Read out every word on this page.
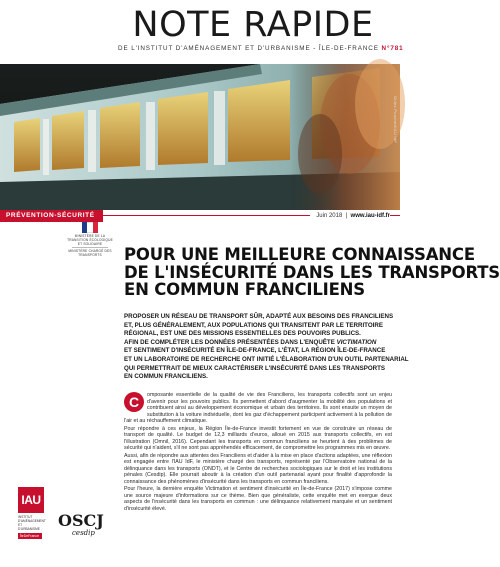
NOTE RAPIDE
DE L'INSTITUT D'AMÉNAGEMENT ET D'URBANISME - ÎLE-DE-FRANCE N°781
Gilles Pouchet/IAU îdF
PRÉVENTION-SÉCURITÉ	Juin 2018  |  www.iau-idf.fr
MINISTÈRE DE LA TRANSITION ÉCOLOGIQUE ET SOLIDAIRE
MINISTÈRE CHARGÉ DES TRANSPORTS
IAU
INSTITUT D'AMÉNAGEMENT ET D'URBANISME
ÎleDeFrance
OSCJ
cesdip
POUR UNE MEILLEURE CONNAISSANCE
DE L'INSÉCURITÉ DANS LES TRANSPORTS
EN COMMUN FRANCILIENS
PROPOSER UN RÉSEAU DE TRANSPORT SÛR, ADAPTÉ AUX BESOINS DES FRANCILIENS
ET, PLUS GÉNÉRALEMENT, AUX POPULATIONS QUI TRANSITENT PAR LE TERRITOIRE
RÉGIONAL, EST UNE DES MISSIONS ESSENTIELLES DES POUVOIRS PUBLICS.
AFIN DE COMPLÉTER LES DONNÉES PRÉSENTÉES DANS L'ENQUÊTE VICTIMATION
ET SENTIMENT D'INSÉCURITÉ EN ÎLE-DE-FRANCE, L'ÉTAT, LA RÉGION ÎLE-DE-FRANCE
ET UN LABORATOIRE DE RECHERCHE ONT INITIÉ L'ÉLABORATION D'UN OUTIL PARTENARIAL
QUI PERMETTRAIT DE MIEUX CARACTÉRISER L'INSÉCURITÉ DANS LES TRANSPORTS
EN COMMUN FRANCILIENS.
C	omposante essentielle de la qualité de vie des Franciliens, les transports collectifs sont un enjeu d'avenir pour les pouvoirs publics. Ils permettent d'abord d'augmenter la mobilité des populations et contribuent ainsi au développement économique et urbain des territoires. Ils sont ensuite un moyen de substitution à la voiture individuelle, dont les gaz d'échappement participent activement à la pollution de l'air et au réchauffement climatique.

Pour répondre à ces enjeux, la Région Île-de-France investit fortement en vue de construire un réseau de transport de qualité. Le budget de 12,3 milliards d'euros, alloué en 2015 aux transports collectifs, en est l'illustration (Omnil, 2016). Cependant les transports en commun franciliens se heurtent à des problèmes de sécurité qui n'aident, s'il ne sont pas appréhendés efficacement, de compromettre les programmes mis en œuvre.

Aussi, afin de répondre aux attentes des Franciliens et d'aider à la mise en place d'actions adaptées, une réflexion est engagée entre l'IAU îdF, le ministère chargé des transports, représenté par l'Observatoire national de la délinquance dans les transports (ONDT), et le Centre de recherches sociologiques sur le droit et les institutions pénales (Cesdip). Elle pourrait aboutir à la création d'un outil partenarial ayant pour finalité d'approfondir la connaissance des phénomènes d'insécurité dans les transports en commun franciliens.

Pour l'heure, la dernière enquête Victimation et sentiment d'insécurité en Île-de-France (2017) s'impose comme une source majeure d'informations sur ce thème. Bien que généraliste, cette enquête met en exergue deux aspects de l'insécurité dans les transports en commun : une délinquance relativement marquée et un sentiment d'insécurité élevé.
